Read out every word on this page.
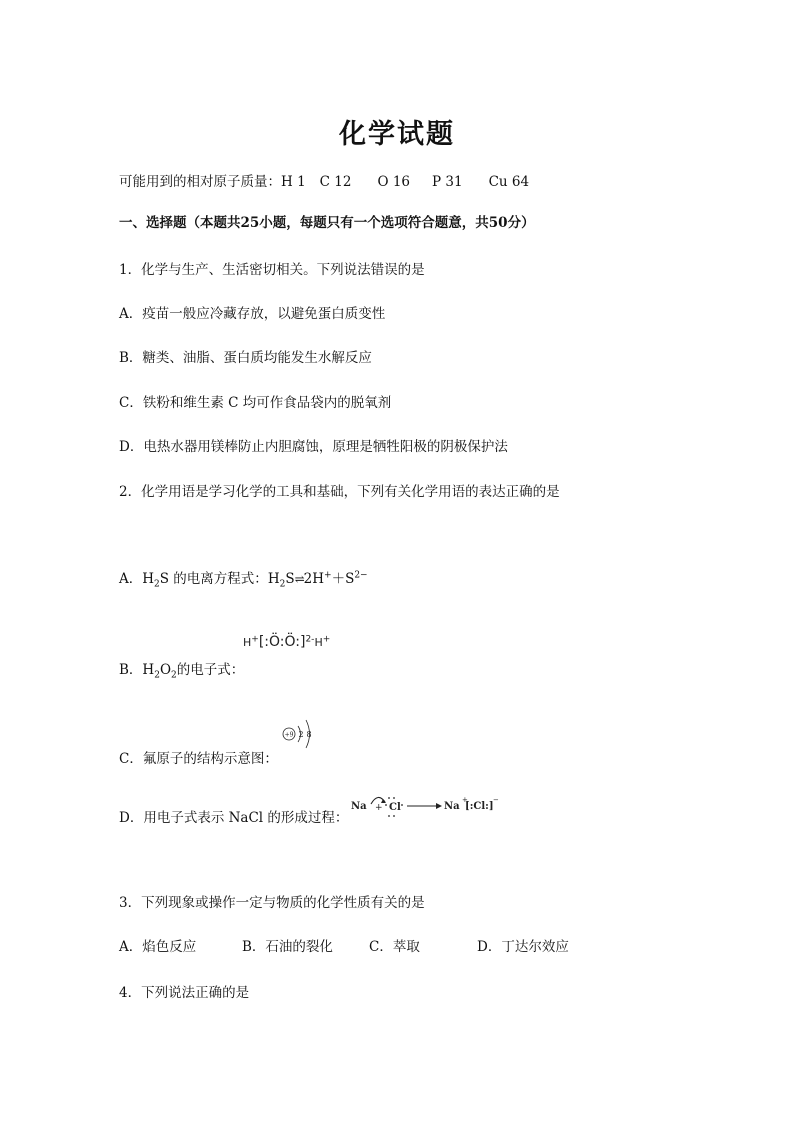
化学试题
可能用到的相对原子质量：H 1 C 12 O 16 P 31 Cu 64
一、选择题（本题共25小题，每题只有一个选项符合题意，共50分）
1．化学与生产、生活密切相关。下列说法错误的是
A．疫苗一般应冷藏存放，以避免蛋白质变性
B．糖类、油脂、蛋白质均能发生水解反应
C．铁粉和维生素 C 均可作食品袋内的脱氧剂
D．电热水器用镁棒防止内胆腐蚀，原理是牺牲阳极的阴极保护法
2．化学用语是学习化学的工具和基础，下列有关化学用语的表达正确的是
A．$H_2S$ 的电离方程式：$H_2S\rightleftharpoons 2H^++S^{2-}$
H+[:Ö:Ö:]$^{2-}$H+
B．$H_2O_2$的电子式：
+9 2 8
C．氟原子的结构示意图：
D．用电子式表示 NaCl 的形成过程：
Na + Cl	Na
+
[:Cl:]
−
3．下列现象或操作一定与物质的化学性质有关的是
A．焰色反应	B．石油的裂化	C．萃取	D．丁达尔效应
4．下列说法正确的是
